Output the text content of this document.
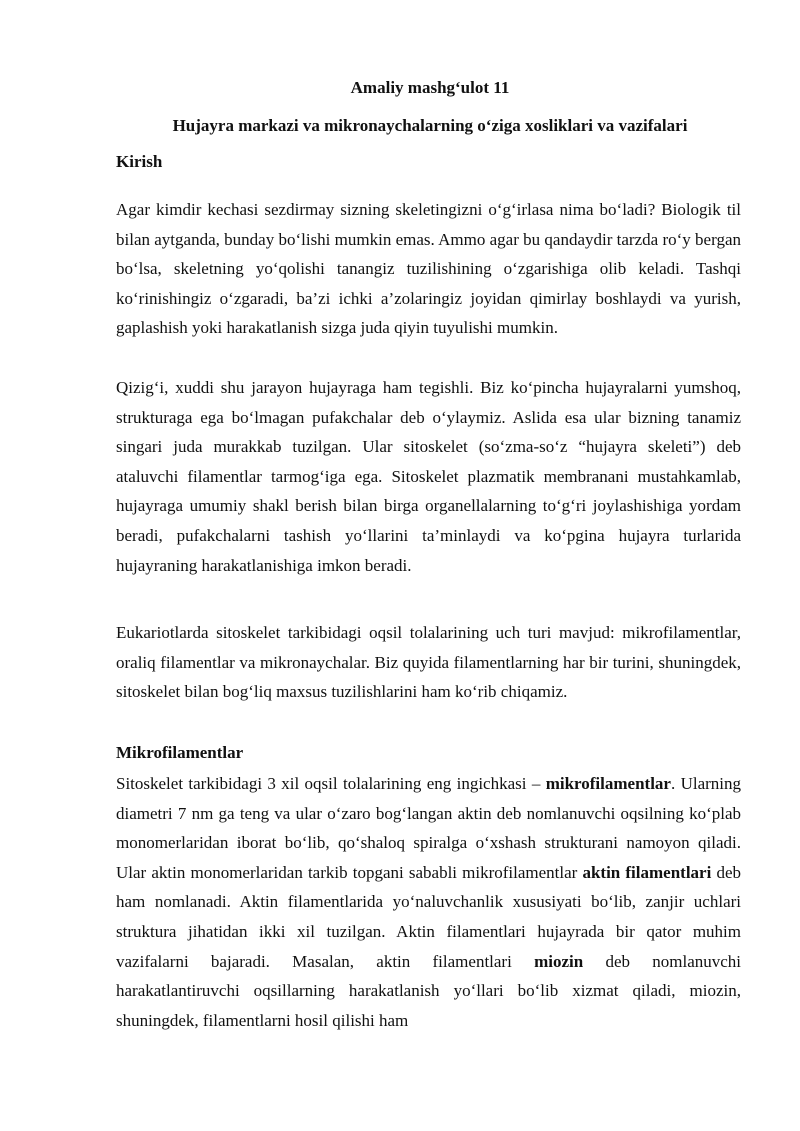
Amaliy mashg‘ulot 11

Hujayra markazi va mikronaychalarning o‘ziga xosliklari va vazifalari

Kirish

Agar kimdir kechasi sezdirmay sizning skeletingizni o‘g‘irlasa nima bo‘ladi? Biologik til bilan aytganda, bunday bo‘lishi mumkin emas. Ammo agar bu qandaydir tarzda ro‘y bergan bo‘lsa, skeletning yo‘qolishi tanangiz tuzilishining o‘zgarishiga olib keladi. Tashqi ko‘rinishingiz o‘zgaradi, ba’zi ichki a’zolaringiz joyidan qimirlay boshlaydi va yurish, gaplashish yoki harakatlanish sizga juda qiyin tuyulishi mumkin.

Qizig‘i, xuddi shu jarayon hujayraga ham tegishli. Biz ko‘pincha hujayralarni yumshoq, strukturaga ega bo‘lmagan pufakchalar deb o‘ylaymiz. Aslida esa ular bizning tanamiz singari juda murakkab tuzilgan. Ular sitoskelet (so‘zma-so‘z “hujayra skeleti”) deb ataluvchi filamentlar tarmog‘iga ega. Sitoskelet plazmatik membranani mustahkamlab, hujayraga umumiy shakl berish bilan birga organellalarning to‘g‘ri joylashishiga yordam beradi, pufakchalarni tashish yo‘llarini ta’minlaydi va ko‘pgina hujayra turlarida hujayraning harakatlanishiga imkon beradi.

Eukariotlarda sitoskelet tarkibidagi oqsil tolalarining uch turi mavjud: mikrofilamentlar, oraliq filamentlar va mikronaychalar. Biz quyida filamentlarning har bir turini, shuningdek, sitoskelet bilan bog‘liq maxsus tuzilishlarini ham ko‘rib chiqamiz.

Mikrofilamentlar

Sitoskelet tarkibidagi 3 xil oqsil tolalarining eng ingichkasi – mikrofilamentlar. Ularning diametri 7 nm ga teng va ular o‘zaro bog‘langan aktin deb nomlanuvchi oqsilning ko‘plab monomerlaridan iborat bo‘lib, qo‘shaloq spiralga o‘xshash strukturani namoyon qiladi. Ular aktin monomerlaridan tarkib topgani sababli mikrofilamentlar aktin filamentlari deb ham nomlanadi. Aktin filamentlarida yo‘naluvchanlik xususiyati bo‘lib, zanjir uchlari struktura jihatidan ikki xil tuzilgan. Aktin filamentlari hujayrada bir qator muhim vazifalarni bajaradi. Masalan, aktin filamentlari miozin deb nomlanuvchi harakatlantiruvchi oqsillarning harakatlanish yo‘llari bo‘lib xizmat qiladi, miozin, shuningdek, filamentlarni hosil qilishi ham
